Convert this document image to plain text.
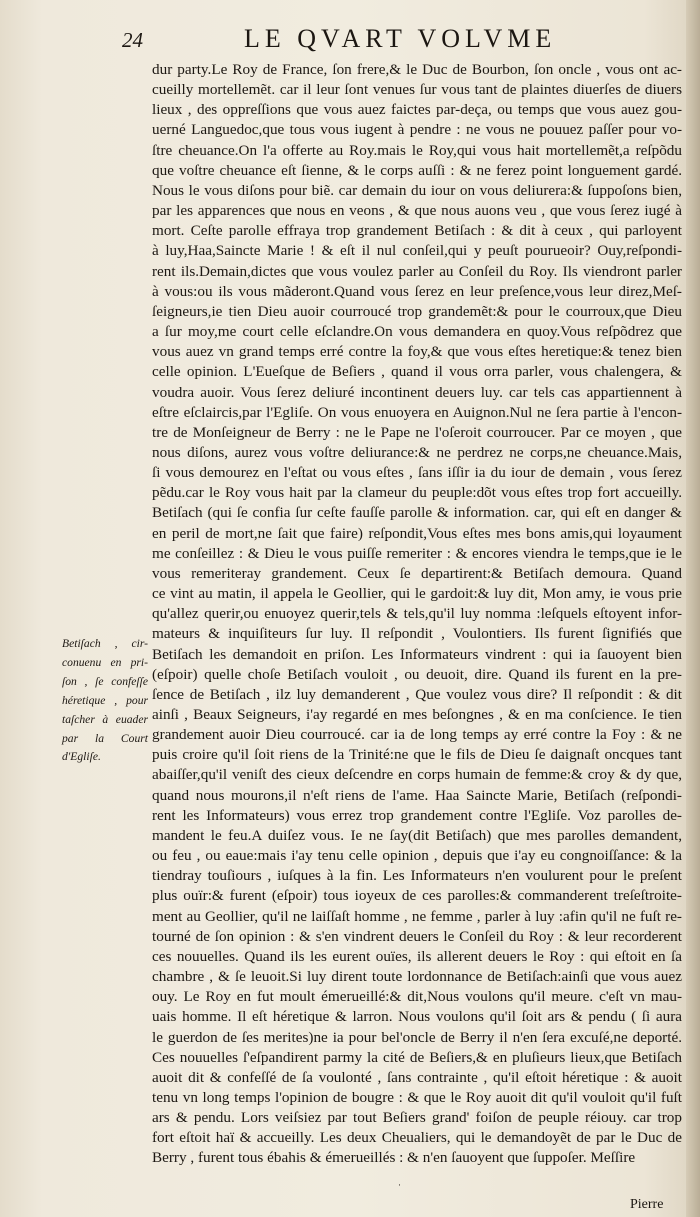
24	LE QVART VOLVME
dur party.Le Roy de France, ſon frere,& le Duc de Bourbon, ſon oncle , vous ont ac-
cueilly mortellemẽt. car il leur ſont venues ſur vous tant de plaintes diuerſes de diuers
lieux , des oppreſſions que vous auez faictes par-deça, ou temps que vous auez gou-
uerné Languedoc,que tous vous iugent à pendre : ne vous ne pouuez paſſer pour vo-
ſtre cheuance.On l'a offerte au Roy.mais le Roy,qui vous hait mortellemẽt,a reſpõdu
que voſtre cheuance eſt ſienne, & le corps auſſi : & ne ferez point longuement gardé.
Nous le vous diſons pour biẽ. car demain du iour on vous deliurera:& ſuppoſons bien,
par les apparences que nous en veons , & que nous auons veu , que vous ſerez iugé à
mort. Ceſte parolle effraya trop grandement Betiſach : & dit à ceux , qui parloyent
à luy,Haa,Saincte Marie ! & eſt il nul conſeil,qui y peuſt pourueoir? Ouy,reſpondi-
rent ils.Demain,dictes que vous voulez parler au Conſeil du Roy. Ils viendront parler
à vous:ou ils vous mãderont.Quand vous ſerez en leur preſence,vous leur direz,Meſ-
ſeigneurs,ie tien Dieu auoir courroucé trop grandemẽt:& pour le courroux,que Dieu
a ſur moy,me court celle eſclandre.On vous demandera en quoy.Vous reſpõdrez que
vous auez vn grand temps erré contre la foy,& que vous eſtes heretique:& tenez bien
celle opinion. L'Eueſque de Beſiers , quand il vous orra parler, vous chalengera, &
voudra auoir. Vous ſerez deliuré incontinent deuers luy. car tels cas appartiennent à
eſtre eſclaircis,par l'Egliſe. On vous enuoyera en Auignon.Nul ne ſera partie à l'encon-
tre de Monſeigneur de Berry : ne le Pape ne l'oſeroit courroucer. Par ce moyen , que
nous diſons, aurez vous voſtre deliurance:& ne perdrez ne corps,ne cheuance.Mais,
ſi vous demourez en l'eſtat ou vous eſtes , ſans iſſir ia du iour de demain , vous ſerez
pẽdu.car le Roy vous hait par la clameur du peuple:dõt vous eſtes trop fort accueilly.
Betiſach (qui ſe confia ſur ceſte fauſſe parolle & information. car, qui eſt en danger &
en peril de mort,ne ſait que faire) reſpondit,Vous eſtes mes bons amis,qui loyaument
me conſeillez : & Dieu le vous puiſſe remeriter : & encores viendra le temps,que ie le
vous remeriteray grandement. Ceux ſe departirent:& Betiſach demoura. Quand
ce vint au matin, il appela le Geollier, qui le gardoit:& luy dit, Mon amy, ie vous prie
qu'allez querir,ou enuoyez querir,tels & tels,qu'il luy nomma :leſquels eſtoyent infor-
mateurs & inquiſiteurs ſur luy. Il reſpondit , Voulontiers. Ils furent ſignifiés que
Betiſach les demandoit en priſon. Les Informateurs vindrent : qui ia ſauoyent bien
(eſpoir) quelle choſe Betiſach vouloit , ou deuoit, dire. Quand ils furent en la pre-
ſence de Betiſach , ilz luy demanderent , Que voulez vous dire? Il reſpondit : & dit
ainſi , Beaux Seigneurs, i'ay regardé en mes beſongnes , & en ma conſcience. Ie tien
grandement auoir Dieu courroucé. car ia de long temps ay erré contre la Foy : & ne
puis croire qu'il ſoit riens de la Trinité:ne que le fils de Dieu ſe daignaſt oncques tant
abaiſſer,qu'il veniſt des cieux deſcendre en corps humain de femme:& croy & dy que,
quand nous mourons,il n'eſt riens de l'ame. Haa Saincte Marie, Betiſach (reſpondi-
rent les Informateurs) vous errez trop grandement contre l'Egliſe. Voz parolles de-
mandent le feu.A duiſez vous. Ie ne ſay(dit Betiſach) que mes parolles demandent,
ou feu , ou eaue:mais i'ay tenu celle opinion , depuis que i'ay eu congnoiſſance: & la
tiendray touſiours , iuſques à la fin. Les Informateurs n'en voulurent pour le preſent
plus ouïr:& furent (eſpoir) tous ioyeux de ces parolles:& commanderent treſeſtroite-
ment au Geollier, qu'il ne laiſſaſt homme , ne femme , parler à luy :afin qu'il ne fuſt re-
tourné de ſon opinion : & s'en vindrent deuers le Conſeil du Roy : & leur recorderent
ces nouuelles. Quand ils les eurent ouïes, ils allerent deuers le Roy : qui eſtoit en ſa
chambre , & ſe leuoit.Si luy dirent toute lordonnance de Betiſach:ainſi que vous auez
ouy. Le Roy en fut moult émerueillé:& dit,Nous voulons qu'il meure. c'eſt vn mau-
uais homme. Il eſt héretique & larron. Nous voulons qu'il ſoit ars & pendu ( ſi aura
le guerdon de ſes merites)ne ia pour bel'oncle de Berry il n'en ſera excuſé,ne deporté.
Ces nouuelles ſ'eſpandirent parmy la cité de Beſiers,& en pluſieurs lieux,que Betiſach
auoit dit & confeſſé de ſa voulonté , ſans contrainte , qu'il eſtoit héretique : & auoit
tenu vn long temps l'opinion de bougre : & que le Roy auoit dit qu'il vouloit qu'il fuſt
ars & pendu. Lors veiſsiez par tout Beſiers grand' foiſon de peuple réiouy. car trop
fort eſtoit haï & accueilly. Les deux Cheualiers, qui le demandoyẽt de par le Duc de
Berry , furent tous ébahis & émerueillés : & n'en ſauoyent que ſuppoſer. Meſſire
Betiſach , cir-
conuenu en pri-
ſon , ſe confeſſe
héretique , pour
taſcher à euader
par la Court
d'Egliſe.
·
Pierre
